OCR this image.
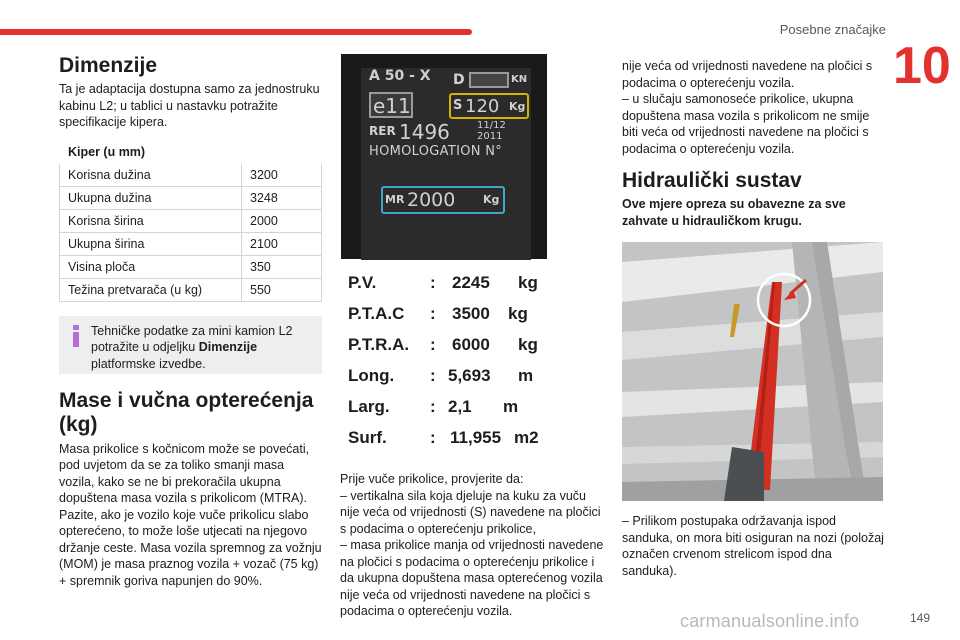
Posebne značajke
10
Dimenzije

Ta je adaptacija dostupna samo za jednostruku kabinu L2; u tablici u nastavku potražite specifikacije kipera.

Kiper (u mm)	
Korisna dužina	3200
Ukupna dužina	3248
Korisna širina	2000
Ukupna širina	2100
Visina ploča	350
Težina pretvarača (u kg)	550
Tehničke podatke za mini kamion L2 potražite u odjeljku Dimenzije platformske izvedbe.
Mase i vučna opterećenja (kg)

Masa prikolice s kočnicom može se povećati, pod uvjetom da se za toliko smanji masa vozila, kako se ne bi prekoračila ukupna dopuštena masa vozila s prikolicom (MTRA). Pazite, ako je vozilo koje vuče prikolicu slabo opterećeno, to može loše utjecati na njegovo držanje ceste. Masa vozila spremnog za vožnju (MOM) je masa praznog vozila + vozač (75 kg) + spremnik goriva napunjen do 90%.

A 50 - X D	KN
e11	S 120 Kg
RER 1496	11/12
2011
HOMOLOGATION N°
MR 2000	Kg
P.V.	: 2245 kg
P.T.A.C : 3500 kg
P.T.R.A. : 6000 kg
Long. : 5,693 m
Larg. : 2,1 m
Surf.	: 11,955 m2

Prije vuče prikolice, provjerite da:

– vertikalna sila koja djeluje na kuku za vuču nije veća od vrijednosti (S) navedene na pločici s podacima o opterećenju prikolice,

– masa prikolice manja od vrijednosti navedene na pločici s podacima o opterećenju prikolice i da ukupna dopuštena masa opterećenog vozila nije veća od vrijednosti navedene na pločici s podacima o opterećenju vozila.

nije veća od vrijednosti navedene na pločici s podacima o opterećenju vozila.

– u slučaju samonoseće prikolice, ukupna dopuštena masa vozila s prikolicom ne smije biti veća od vrijednosti navedene na pločici s podacima o opterećenju vozila.

Hidraulički sustav

Ove mjere opreza su obavezne za sve zahvate u hidrauličkom krugu.

– Prilikom postupaka održavanja ispod sanduka, on mora biti osiguran na nozi (položaj označen crvenom strelicom ispod dna sanduka).

carmanualsonline.info	149
